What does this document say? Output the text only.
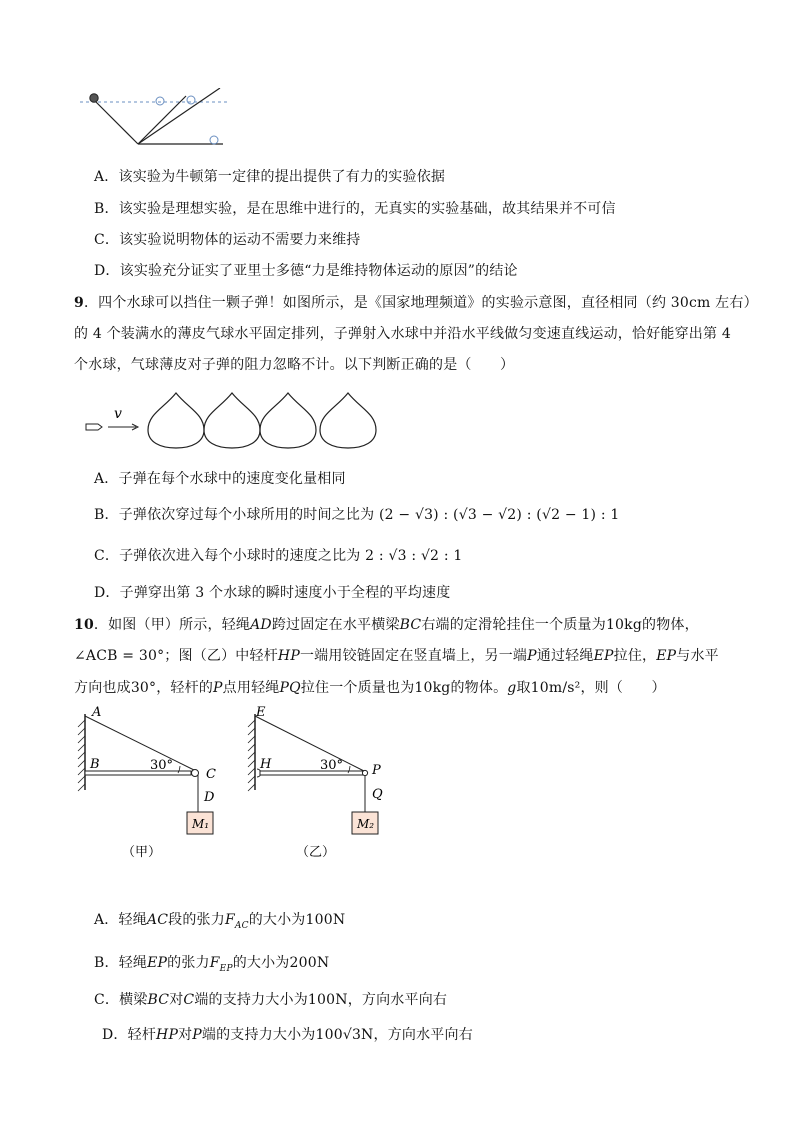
A．该实验为牛顿第一定律的提出提供了有力的实验依据
B．该实验是理想实验，是在思维中进行的，无真实的实验基础，故其结果并不可信
C．该实验说明物体的运动不需要力来维持
D．该实验充分证实了亚里士多德“力是维持物体运动的原因”的结论
9．四个水球可以挡住一颗子弹！如图所示，是《国家地理频道》的实验示意图，直径相同（约 30cm 左右）
的 4 个装满水的薄皮气球水平固定排列，子弹射入水球中并沿水平线做匀变速直线运动，恰好能穿出第 4
个水球，气球薄皮对子弹的阻力忽略不计。以下判断正确的是（　　）
v
A．子弹在每个水球中的速度变化量相同
B．子弹依次穿过每个小球所用的时间之比为 (2 − √3) : (√3 − √2) : (√2 − 1) : 1
C．子弹依次进入每个小球时的速度之比为 2 : √3 : √2 : 1
D．子弹穿出第 3 个水球的瞬时速度小于全程的平均速度
10．如图（甲）所示，轻绳AD跨过固定在水平横梁BC右端的定滑轮挂住一个质量为10kg的物体，
∠ACB = 30°；图（乙）中轻杆HP一端用铰链固定在竖直墙上，另一端P通过轻绳EP拉住，EP与水平
方向也成30°，轻杆的P点用轻绳PQ拉住一个质量也为10kg的物体。g取10m/s²，则（　　）
A
B
C
D
30°
M₁
（甲）
E
H	P
Q
30°
M₂
（乙）
A．轻绳AC段的张力$F_{AC}$的大小为100N
B．轻绳EP的张力$F_{EP}$的大小为200N
C．横梁BC对C端的支持力大小为100N，方向水平向右
D．轻杆HP对P端的支持力大小为100√3N，方向水平向右
